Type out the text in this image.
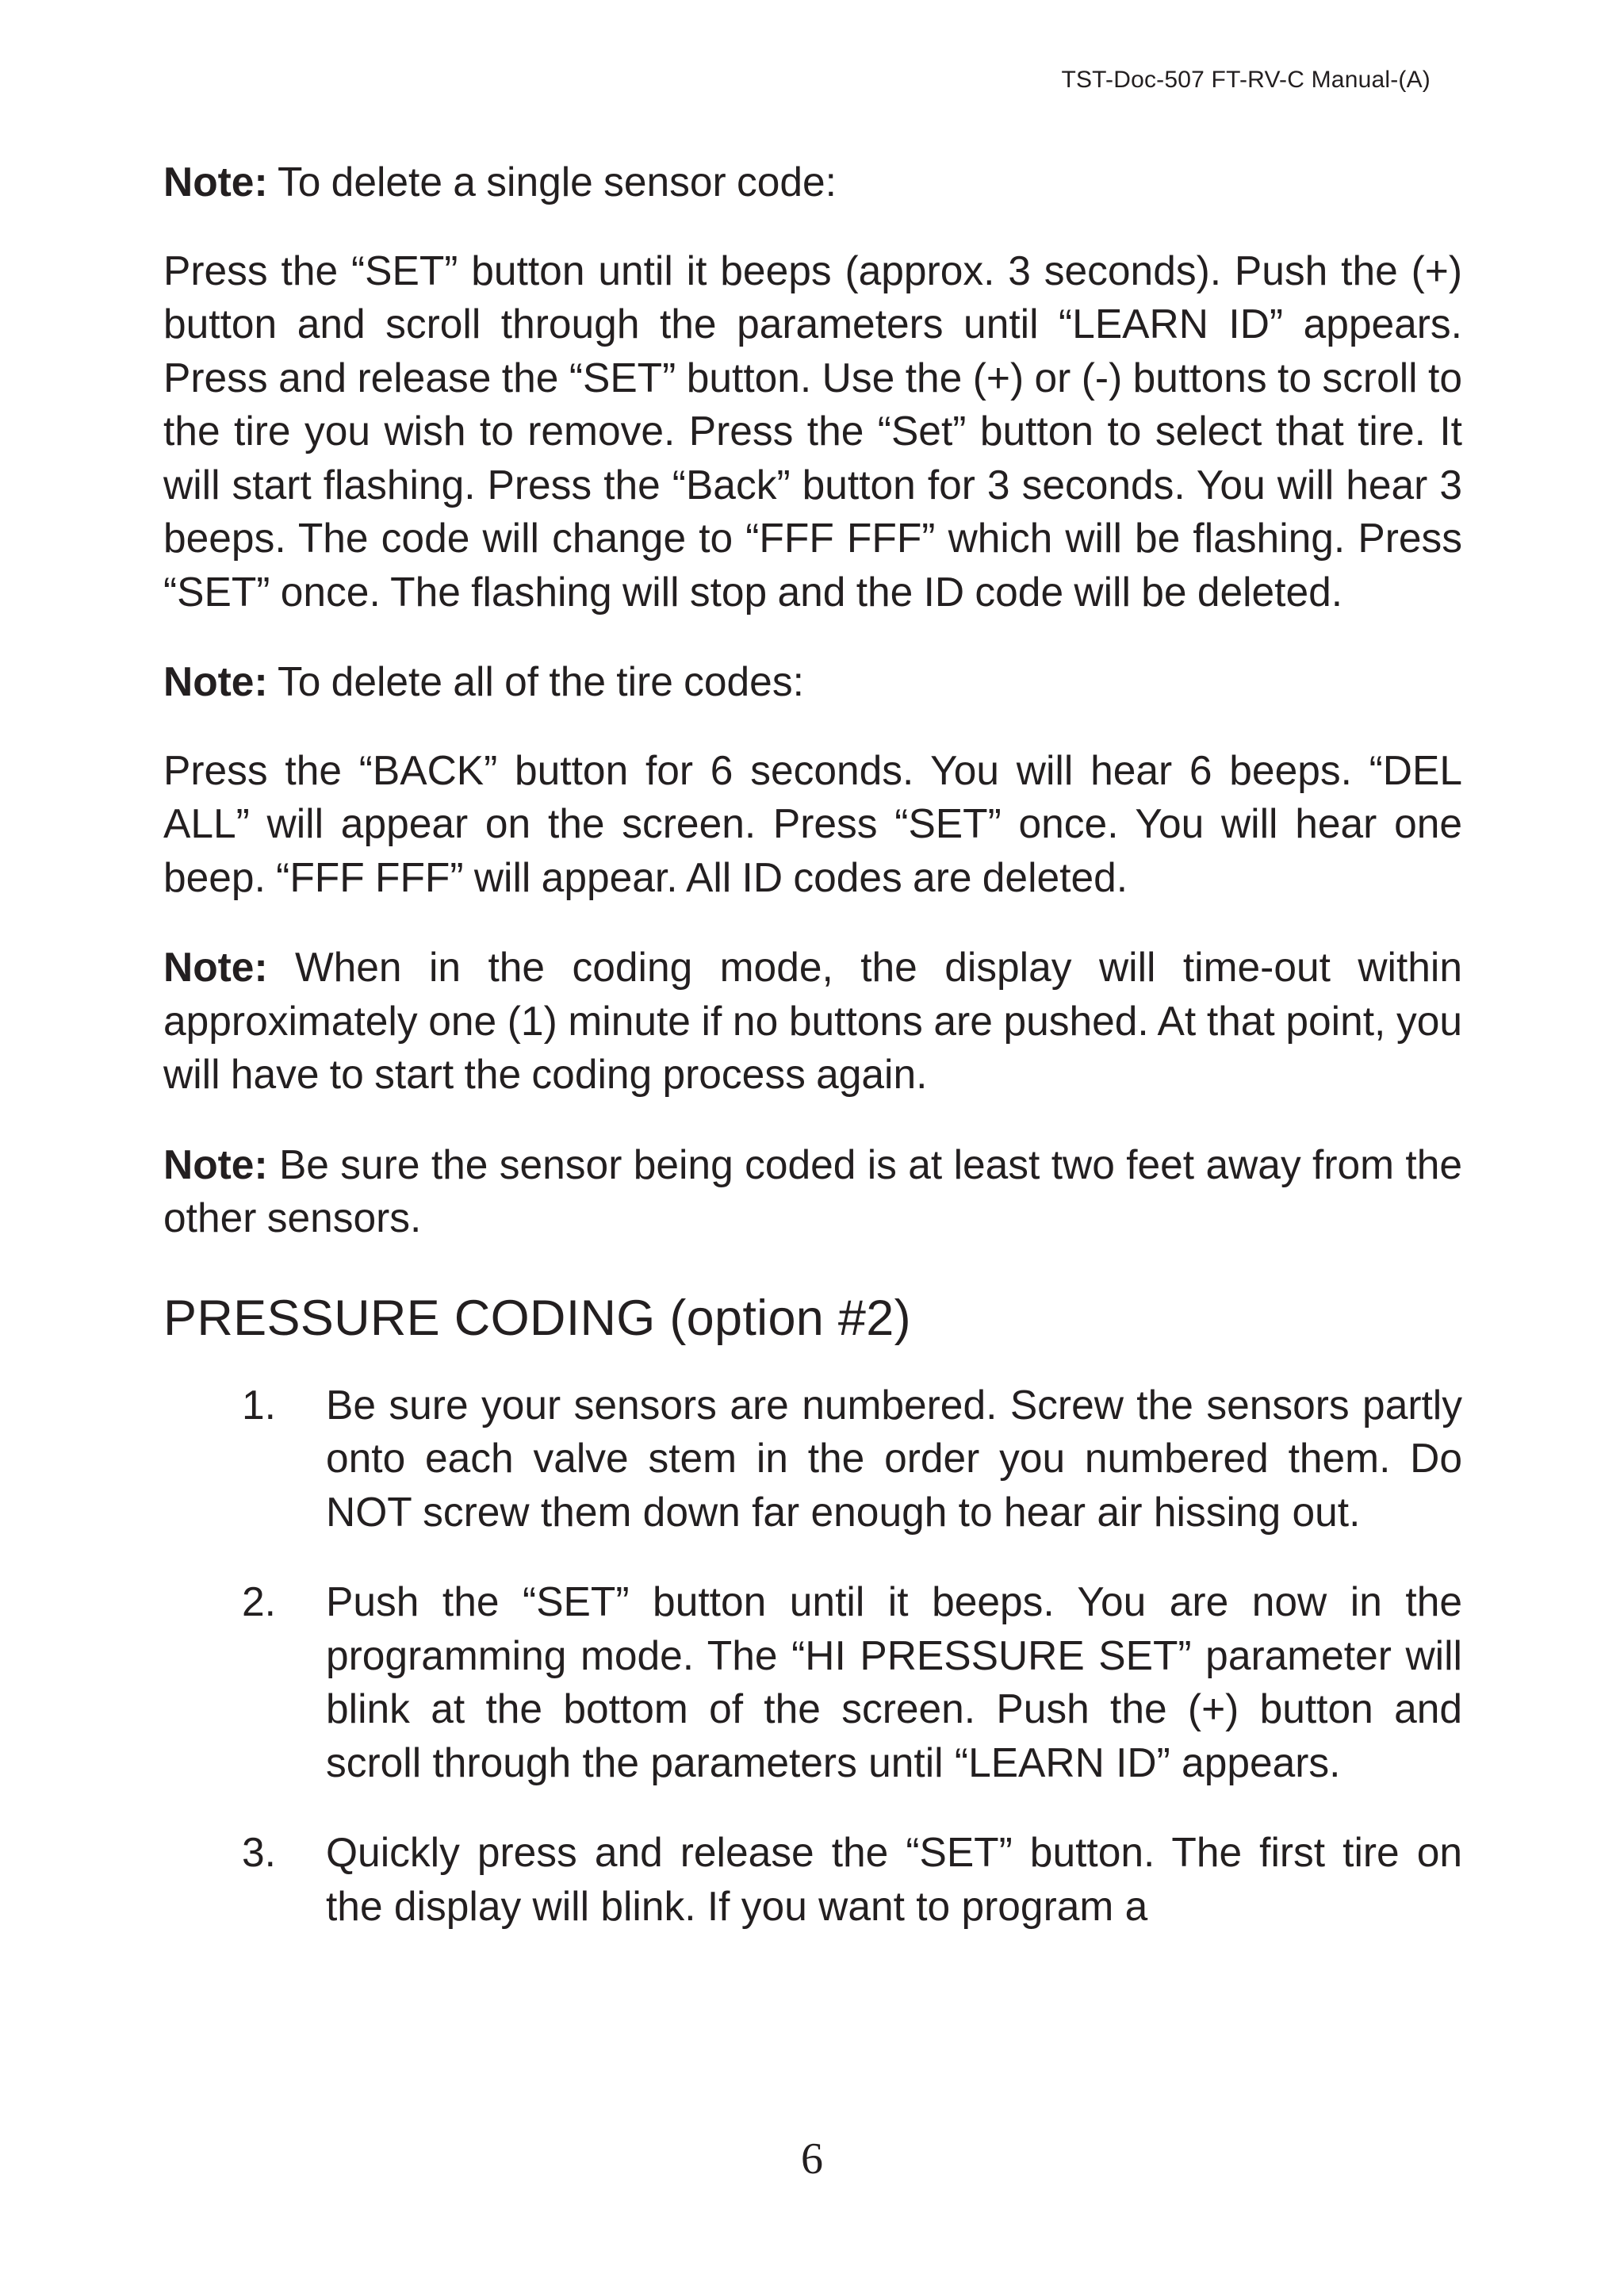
TST-Doc-507 FT-RV-C Manual-(A)

Note: To delete a single sensor code:

Press the “SET” button until it beeps (approx. 3 seconds). Push the (+) button and scroll through the parameters until “LEARN ID” appears. Press and release the “SET” button. Use the (+) or (-) buttons to scroll to the tire you wish to remove. Press the “Set” button to select that tire. It will start flashing. Press the “Back” button for 3 seconds. You will hear 3 beeps. The code will change to “FFF FFF” which will be flashing. Press “SET” once. The flashing will stop and the ID code will be deleted.

Note: To delete all of the tire codes:

Press the “BACK” button for 6 seconds. You will hear 6 beeps. “DEL ALL” will appear on the screen. Press “SET” once. You will hear one beep. “FFF FFF” will appear. All ID codes are deleted.

Note: When in the coding mode, the display will time-out within approximately one (1) minute if no buttons are pushed. At that point, you will have to start the coding process again.

Note: Be sure the sensor being coded is at least two feet away from the other sensors.

PRESSURE CODING (option #2)
1. Be sure your sensors are numbered. Screw the sensors partly onto each valve stem in the order you numbered them. Do NOT screw them down far enough to hear air hissing out.
2. Push the “SET” button until it beeps. You are now in the programming mode. The “HI PRESSURE SET” parameter will blink at the bottom of the screen. Push the (+) button and scroll through the parameters until “LEARN ID” appears.
3. Quickly press and release the “SET” button. The first tire on the display will blink. If you want to program a
6
